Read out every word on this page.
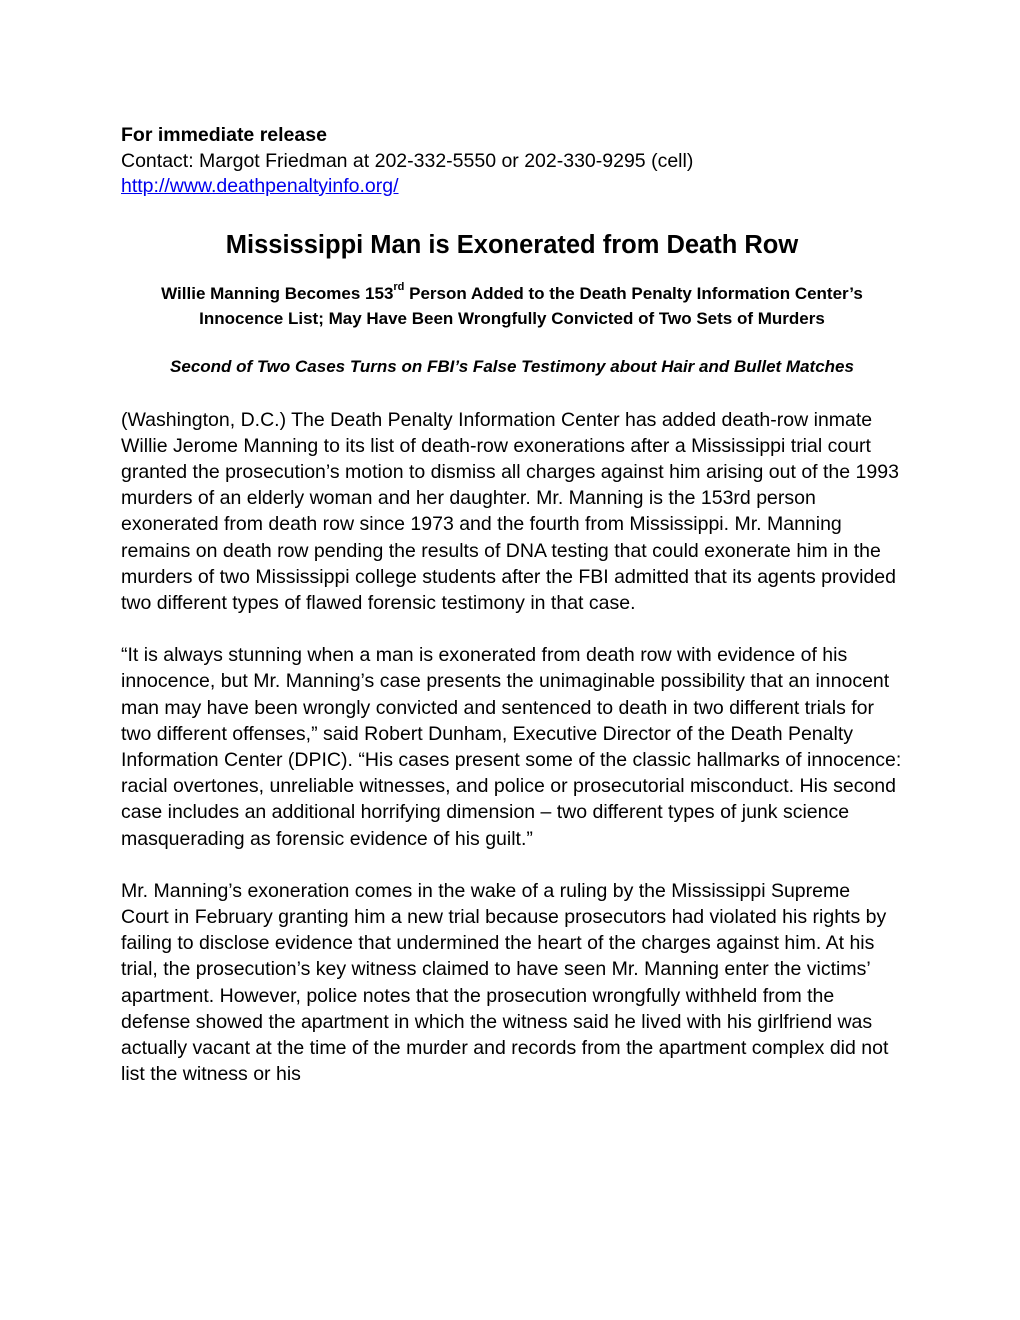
For immediate release

Contact: Margot Friedman at 202-332-5550 or 202-330-9295 (cell)

http://www.deathpenaltyinfo.org/
Mississippi Man is Exonerated from Death Row

Willie Manning Becomes 153rd Person Added to the Death Penalty Information Center’s Innocence List; May Have Been Wrongfully Convicted of Two Sets of Murders

Second of Two Cases Turns on FBI’s False Testimony about Hair and Bullet Matches

(Washington, D.C.) The Death Penalty Information Center has added death-row inmate Willie Jerome Manning to its list of death-row exonerations after a Mississippi trial court granted the prosecution’s motion to dismiss all charges against him arising out of the 1993 murders of an elderly woman and her daughter. Mr. Manning is the 153rd person exonerated from death row since 1973 and the fourth from Mississippi. Mr. Manning remains on death row pending the results of DNA testing that could exonerate him in the murders of two Mississippi college students after the FBI admitted that its agents provided two different types of flawed forensic testimony in that case.

“It is always stunning when a man is exonerated from death row with evidence of his innocence, but Mr. Manning’s case presents the unimaginable possibility that an innocent man may have been wrongly convicted and sentenced to death in two different trials for two different offenses,” said Robert Dunham, Executive Director of the Death Penalty Information Center (DPIC). “His cases present some of the classic hallmarks of innocence: racial overtones, unreliable witnesses, and police or prosecutorial misconduct. His second case includes an additional horrifying dimension – two different types of junk science masquerading as forensic evidence of his guilt.”

Mr. Manning’s exoneration comes in the wake of a ruling by the Mississippi Supreme Court in February granting him a new trial because prosecutors had violated his rights by failing to disclose evidence that undermined the heart of the charges against him. At his trial, the prosecution’s key witness claimed to have seen Mr. Manning enter the victims’ apartment. However, police notes that the prosecution wrongfully withheld from the defense showed the apartment in which the witness said he lived with his girlfriend was actually vacant at the time of the murder and records from the apartment complex did not list the witness or his
